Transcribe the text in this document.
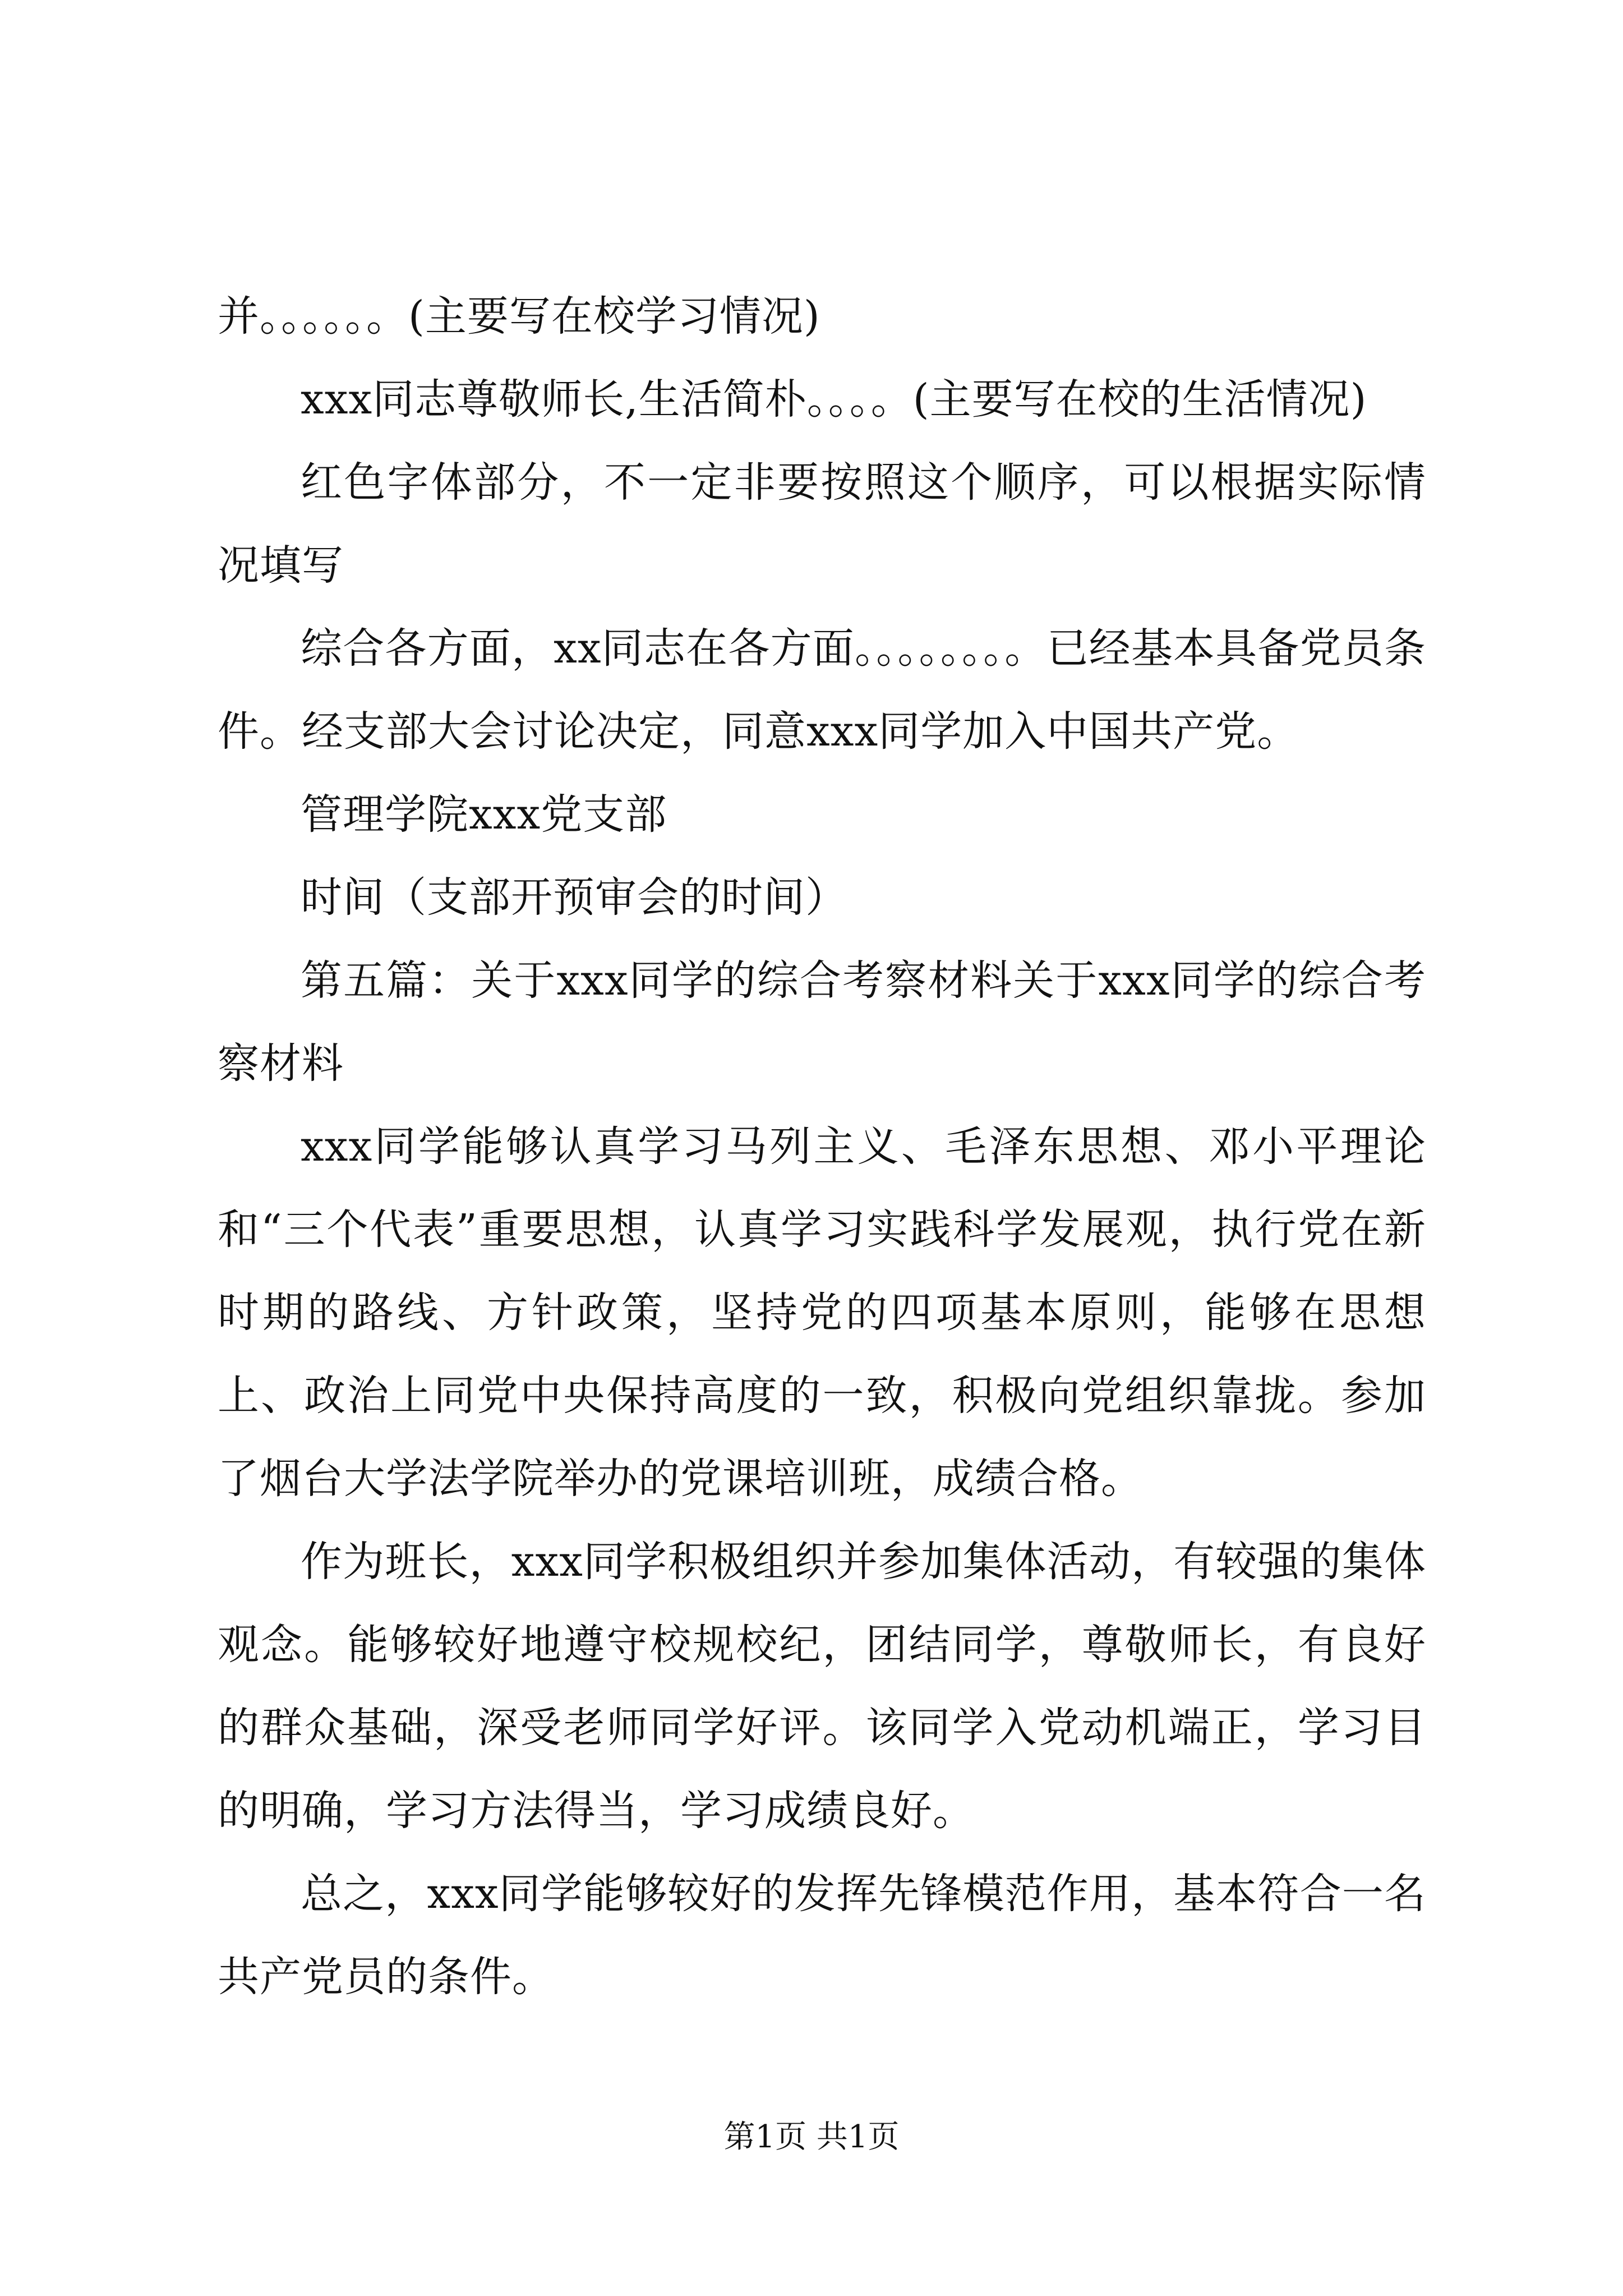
并。。。。。。(主要写在校学习情况)

xxx同志尊敬师长,生活简朴。。。。(主要写在校的生活情况)

红色字体部分，不一定非要按照这个顺序，可以根据实际情况填写

综合各方面，xx同志在各方面。。。。。。。。已经基本具备党员条件。经支部大会讨论决定，同意xxx同学加入中国共产党。

管理学院xxx党支部

时间（支部开预审会的时间）

第五篇：关于xxx同学的综合考察材料关于xxx同学的综合考察材料

xxx同学能够认真学习马列主义、毛泽东思想、邓小平理论和“三个代表”重要思想，认真学习实践科学发展观，执行党在新时期的路线、方针政策，坚持党的四项基本原则，能够在思想上、政治上同党中央保持高度的一致，积极向党组织靠拢。参加了烟台大学法学院举办的党课培训班，成绩合格。

作为班长，xxx同学积极组织并参加集体活动，有较强的集体观念。能够较好地遵守校规校纪，团结同学，尊敬师长，有良好的群众基础，深受老师同学好评。该同学入党动机端正，学习目的明确，学习方法得当，学习成绩良好。

总之，xxx同学能够较好的发挥先锋模范作用，基本符合一名共产党员的条件。

第1页 共1页
